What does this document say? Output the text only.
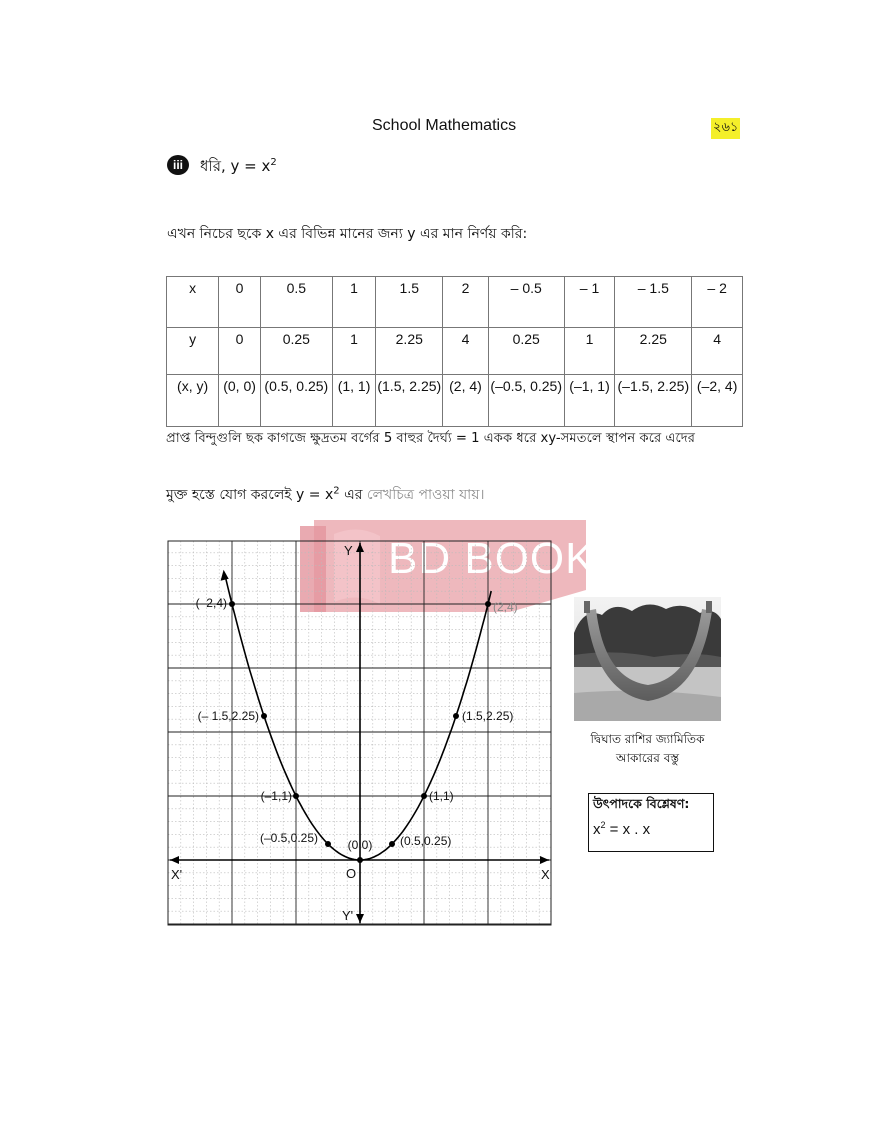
School Mathematics	২৬১
iii	ধরি, $y = x^2$
এখন নিচের ছকে x এর বিভিন্ন মানের জন্য y এর মান নির্ণয় করি:
x	0	0.5	1	1.5	2	– 0.5	– 1	– 1.5	– 2
y	0	0.25	1	2.25	4	0.25	1	2.25	4
(x, y)	(0, 0)	(0.5, 0.25)	(1, 1)	(1.5, 2.25)	(2, 4)	(–0.5, 0.25)	(–1, 1)	(–1.5, 2.25)	(–2, 4)
প্রাপ্ত বিন্দুগুলি ছক কাগজে ক্ষুদ্রতম বর্গের 5 বাহুর দৈর্ঘ্য = 1 একক ধরে xy-সমতলে স্থাপন করে এদের
মুক্ত হস্তে যোগ করলেই $y = x^2$ এর লেখচিত্র পাওয়া যায়।
BD BOOKS
X
X'
Y
Y'
O
(–2,4)
(– 1.5,2.25)
(–1,1)
(–0.5,0.25) (0,0) (0.5,0.25)
(1,1)
(1.5,2.25)
(2,4)
দ্বিঘাত রাশির জ্যামিতিক
আকারের বস্তু
উৎপাদকে বিশ্লেষণ:
$x^2 = x$ . x
